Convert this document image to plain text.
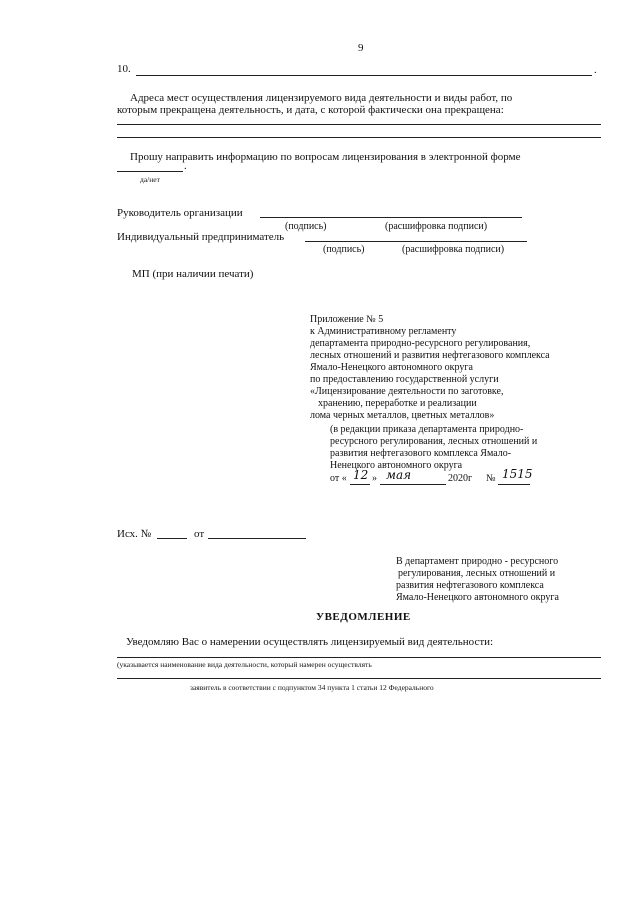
9
10.	.
Адреса мест осуществления лицензируемого вида деятельности и виды работ, по
которым прекращена деятельность, и дата, с которой фактически она прекращена:
Прошу направить информацию по вопросам лицензирования в электронной форме
.
да/нет
Руководитель организации
(подпись)	(расшифровка подписи)
Индивидуальный предприниматель
(подпись)	(расшифровка подписи)
МП (при наличии печати)
Приложение № 5
к Административному регламенту
департамента природно-ресурсного регулирования,
лесных отношений и развития нефтегазового комплекса
Ямало-Ненецкого автономного округа
по предоставлению государственной услуги
«Лицензирование деятельности по заготовке,
хранению, переработке и реализации
лома черных металлов, цветных металлов»
(в редакции приказа департамента природно-
ресурсного регулирования, лесных отношений и
развития нефтегазового комплекса Ямало-
Ненецкого автономного округа
от « 12 » мая	2020г № 1515
Исх. №	от
В департамент природно - ресурсного
регулирования, лесных отношений и
развития нефтегазового комплекса
Ямало-Ненецкого автономного округа
УВЕДОМЛЕНИЕ
Уведомляю Вас о намерении осуществлять лицензируемый вид деятельности:
(указывается наименование вида деятельности, который намерен осуществлять
заявитель в соответствии с подпунктом 34 пункта 1 статьи 12 Федерального
